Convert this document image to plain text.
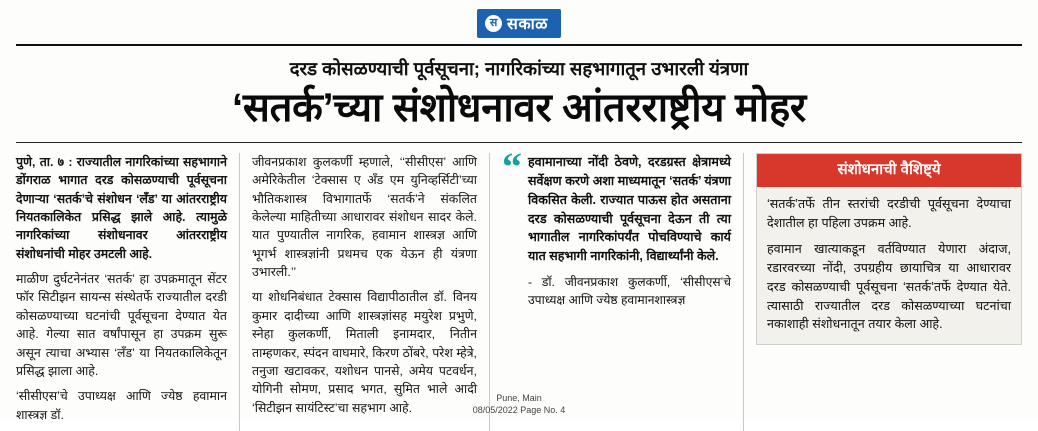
स सकाळ
दरड कोसळण्याची पूर्वसूचना; नागरिकांच्या सहभागातून उभारली यंत्रणा
‘सतर्क’च्या संशोधनावर आंतरराष्ट्रीय मोहर

पुणे, ता. ७ : राज्यातील नागरिकांच्या सहभागाने डोंगराळ भागात दरड कोसळण्याची पूर्वसूचना देणाऱ्या ‘सतर्क’चे संशोधन ‘लँड’ या आंतरराष्ट्रीय नियतकालिकेत प्रसिद्ध झाले आहे. त्यामुळे नागरिकांच्या संशोधनावर आंतरराष्ट्रीय संशोधनांची मोहर उमटली आहे.

माळीण दुर्घटनेनंतर ‘सतर्क’ हा उपक्रमातून सेंटर फॉर सिटीझन सायन्स संस्थेतर्फे राज्यातील दरडी कोसळण्याच्या घटनांची पूर्वसूचना देण्यात येत आहे. गेल्या सात वर्षांपासून हा उपक्रम सुरू असून त्याचा अभ्यास ‘लँड’ या नियतकालिकेतून प्रसिद्ध झाला आहे.

‘सीसीएस’चे उपाध्यक्ष आणि ज्येष्ठ हवामान शास्त्रज्ञ डॉ.

जीवनप्रकाश कुलकर्णी म्हणाले, ‘‘सीसीएस’ आणि अमेरिकेतील ‘टेक्सास ए अँड एम युनिव्हर्सिटी’च्या भौतिकशास्त्र विभागातर्फे ‘सतर्क’ने संकलित केलेल्या माहितीच्या आधारावर संशोधन सादर केले. यात पुण्यातील नागरिक, हवामान शास्त्रज्ञ आणि भूगर्भ शास्त्रज्ञांनी प्रथमच एक येऊन ही यंत्रणा उभारली.’’

या शोधनिबंधात टेक्सास विद्यापीठातील डॉ. विनय कुमार दादीच्या आणि शास्त्रज्ञांसह मयुरेश प्रभुणे, स्नेहा कुलकर्णी, मिताली इनामदार, नितीन ताम्हणकर, स्पंदन वाघमारे, किरण ठोंबरे, परेश म्हेत्रे, तनुजा खटावकर, यशोधन पानसे, अमेय पटवर्धन, योगिनी सोमण, प्रसाद भगत, सुमित भाले आदी ‘सिटीझन सायंटिस्ट’चा सहभाग आहे.

“ हवामानाच्या नोंदी ठेवणे, दरडग्रस्त क्षेत्रामध्ये सर्वेक्षण करणे अशा माध्यमातून ‘सतर्क’ यंत्रणा विकसित केली. राज्यात पाऊस होत असताना दरड कोसळण्याची पूर्वसूचना देऊन ती त्या भागातील नागरिकांपर्यंत पोचविण्याचे कार्य यात सहभागी नागरिकांनी, विद्यार्थ्यांनी केले.
- डॉ. जीवनप्रकाश कुलकर्णी, ‘सीसीएस’चे उपाध्यक्ष आणि ज्येष्ठ हवामानशास्त्रज्ञ
संशोधनाची वैशिष्ट्ये

‘सतर्क’तर्फे तीन स्तरांची दरडीची पूर्वसूचना देण्याचा देशातील हा पहिला उपक्रम आहे.

हवामान खात्याकडून वर्तविण्यात येणारा अंदाज, रडारवरच्या नोंदी, उपग्रहीय छायाचित्र या आधारावर दरड कोसळण्याची पूर्वसूचना ‘सतर्क’तर्फे देण्यात येते. त्यासाठी राज्यातील दरड कोसळण्याच्या घटनांचा नकाशाही संशोधनातून तयार केला आहे.

Pune, Main
08/05/2022 Page No. 4
